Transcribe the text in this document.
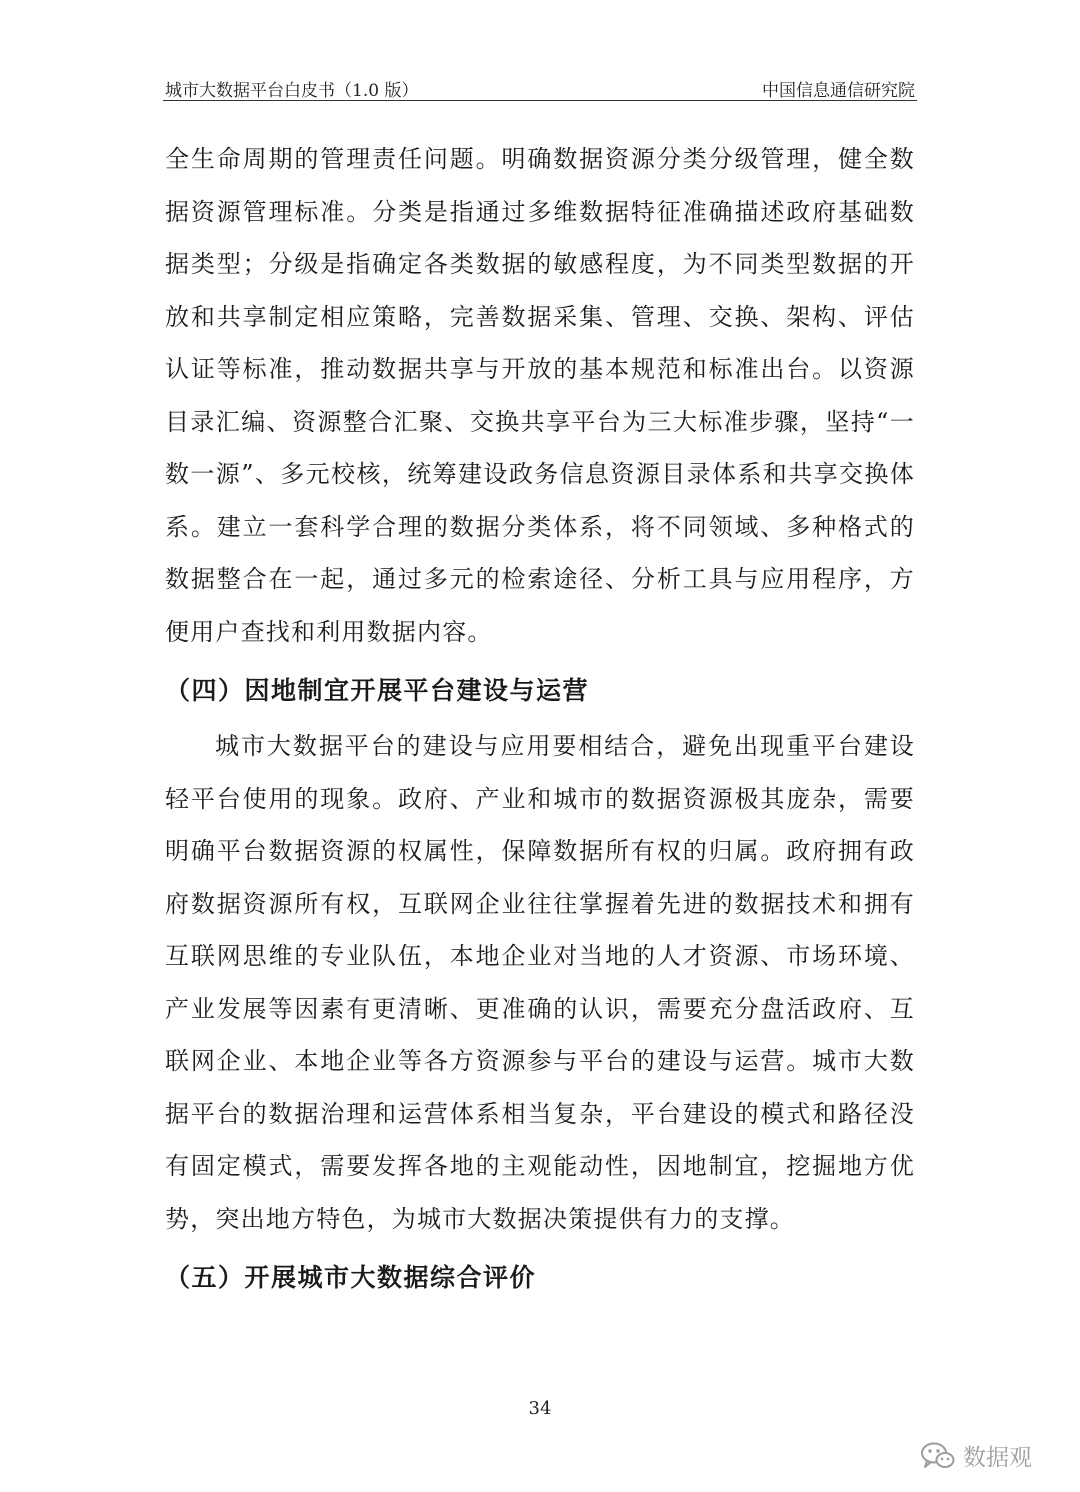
城市大数据平台白皮书（1.0 版）	中国信息通信研究院

全生命周期的管理责任问题。明确数据资源分类分级管理，健全数据资源管理标准。分类是指通过多维数据特征准确描述政府基础数据类型；分级是指确定各类数据的敏感程度，为不同类型数据的开放和共享制定相应策略，完善数据采集、管理、交换、架构、评估认证等标准，推动数据共享与开放的基本规范和标准出台。以资源目录汇编、资源整合汇聚、交换共享平台为三大标准步骤，坚持“一数一源”、多元校核，统筹建设政务信息资源目录体系和共享交换体系。建立一套科学合理的数据分类体系，将不同领域、多种格式的数据整合在一起，通过多元的检索途径、分析工具与应用程序，方便用户查找和利用数据内容。

（四）因地制宜开展平台建设与运营

城市大数据平台的建设与应用要相结合，避免出现重平台建设轻平台使用的现象。政府、产业和城市的数据资源极其庞杂，需要明确平台数据资源的权属性，保障数据所有权的归属。政府拥有政府数据资源所有权，互联网企业往往掌握着先进的数据技术和拥有互联网思维的专业队伍，本地企业对当地的人才资源、市场环境、产业发展等因素有更清晰、更准确的认识，需要充分盘活政府、互联网企业、本地企业等各方资源参与平台的建设与运营。城市大数据平台的数据治理和运营体系相当复杂，平台建设的模式和路径没有固定模式，需要发挥各地的主观能动性，因地制宜，挖掘地方优势，突出地方特色，为城市大数据决策提供有力的支撑。

（五）开展城市大数据综合评价
34
数据观
